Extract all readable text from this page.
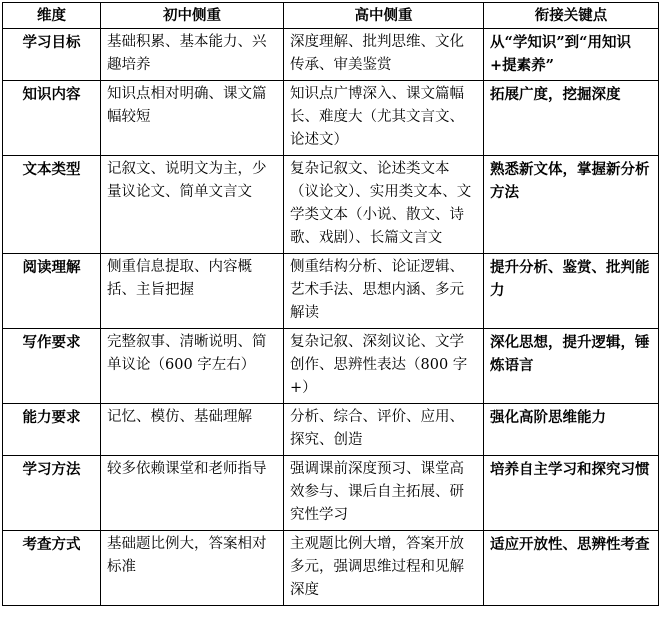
维度	初中侧重	高中侧重	衔接关键点
学习目标	基础积累、基本能力、兴趣培养	深度理解、批判思维、文化传承、审美鉴赏	从“学知识”到“用知识+提素养”
知识内容	知识点相对明确、课文篇幅较短	知识点广博深入、课文篇幅长、难度大（尤其文言文、论述文）	拓展广度，挖掘深度
文本类型	记叙文、说明文为主，少量议论文、简单文言文	复杂记叙文、论述类文本（议论文）、实用类文本、文学类文本（小说、散文、诗歌、戏剧）、长篇文言文	熟悉新文体，掌握新分析方法
阅读理解	侧重信息提取、内容概括、主旨把握	侧重结构分析、论证逻辑、艺术手法、思想内涵、多元解读	提升分析、鉴赏、批判能力
写作要求	完整叙事、清晰说明、简单议论（600 字左右）	复杂记叙、深刻议论、文学创作、思辨性表达（800 字+）	深化思想，提升逻辑，锤炼语言
能力要求	记忆、模仿、基础理解	分析、综合、评价、应用、探究、创造	强化高阶思维能力
学习方法	较多依赖课堂和老师指导	强调课前深度预习、课堂高效参与、课后自主拓展、研究性学习	培养自主学习和探究习惯
考查方式	基础题比例大，答案相对标准	主观题比例大增，答案开放多元，强调思维过程和见解深度	适应开放性、思辨性考查
